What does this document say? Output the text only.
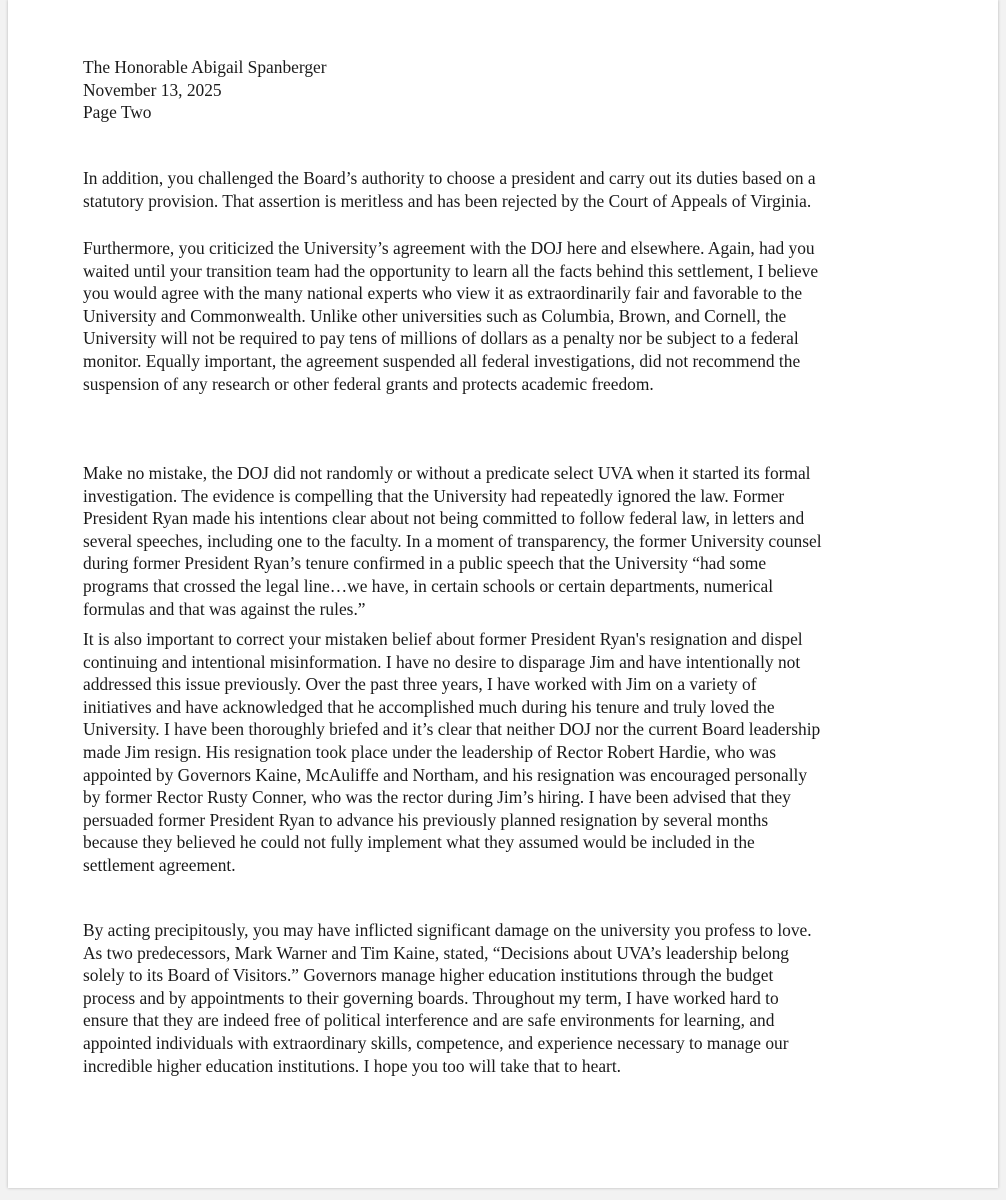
The Honorable Abigail Spanberger
November 13, 2025
Page Two
In addition, you challenged the Board’s authority to choose a president and carry out its duties based on a
statutory provision. That assertion is meritless and has been rejected by the Court of Appeals of Virginia.
Furthermore, you criticized the University’s agreement with the DOJ here and elsewhere. Again, had you
waited until your transition team had the opportunity to learn all the facts behind this settlement, I believe
you would agree with the many national experts who view it as extraordinarily fair and favorable to the
University and Commonwealth. Unlike other universities such as Columbia, Brown, and Cornell, the
University will not be required to pay tens of millions of dollars as a penalty nor be subject to a federal
monitor. Equally important, the agreement suspended all federal investigations, did not recommend the
suspension of any research or other federal grants and protects academic freedom.
Make no mistake, the DOJ did not randomly or without a predicate select UVA when it started its formal
investigation. The evidence is compelling that the University had repeatedly ignored the law. Former
President Ryan made his intentions clear about not being committed to follow federal law, in letters and
several speeches, including one to the faculty. In a moment of transparency, the former University counsel
during former President Ryan’s tenure confirmed in a public speech that the University “had some
programs that crossed the legal line…we have, in certain schools or certain departments, numerical
formulas and that was against the rules.”
It is also important to correct your mistaken belief about former President Ryan's resignation and dispel
continuing and intentional misinformation. I have no desire to disparage Jim and have intentionally not
addressed this issue previously. Over the past three years, I have worked with Jim on a variety of
initiatives and have acknowledged that he accomplished much during his tenure and truly loved the
University. I have been thoroughly briefed and it’s clear that neither DOJ nor the current Board leadership
made Jim resign. His resignation took place under the leadership of Rector Robert Hardie, who was
appointed by Governors Kaine, McAuliffe and Northam, and his resignation was encouraged personally
by former Rector Rusty Conner, who was the rector during Jim’s hiring. I have been advised that they
persuaded former President Ryan to advance his previously planned resignation by several months
because they believed he could not fully implement what they assumed would be included in the
settlement agreement.
By acting precipitously, you may have inflicted significant damage on the university you profess to love.
As two predecessors, Mark Warner and Tim Kaine, stated, “Decisions about UVA’s leadership belong
solely to its Board of Visitors.” Governors manage higher education institutions through the budget
process and by appointments to their governing boards. Throughout my term, I have worked hard to
ensure that they are indeed free of political interference and are safe environments for learning, and
appointed individuals with extraordinary skills, competence, and experience necessary to manage our
incredible higher education institutions. I hope you too will take that to heart.
